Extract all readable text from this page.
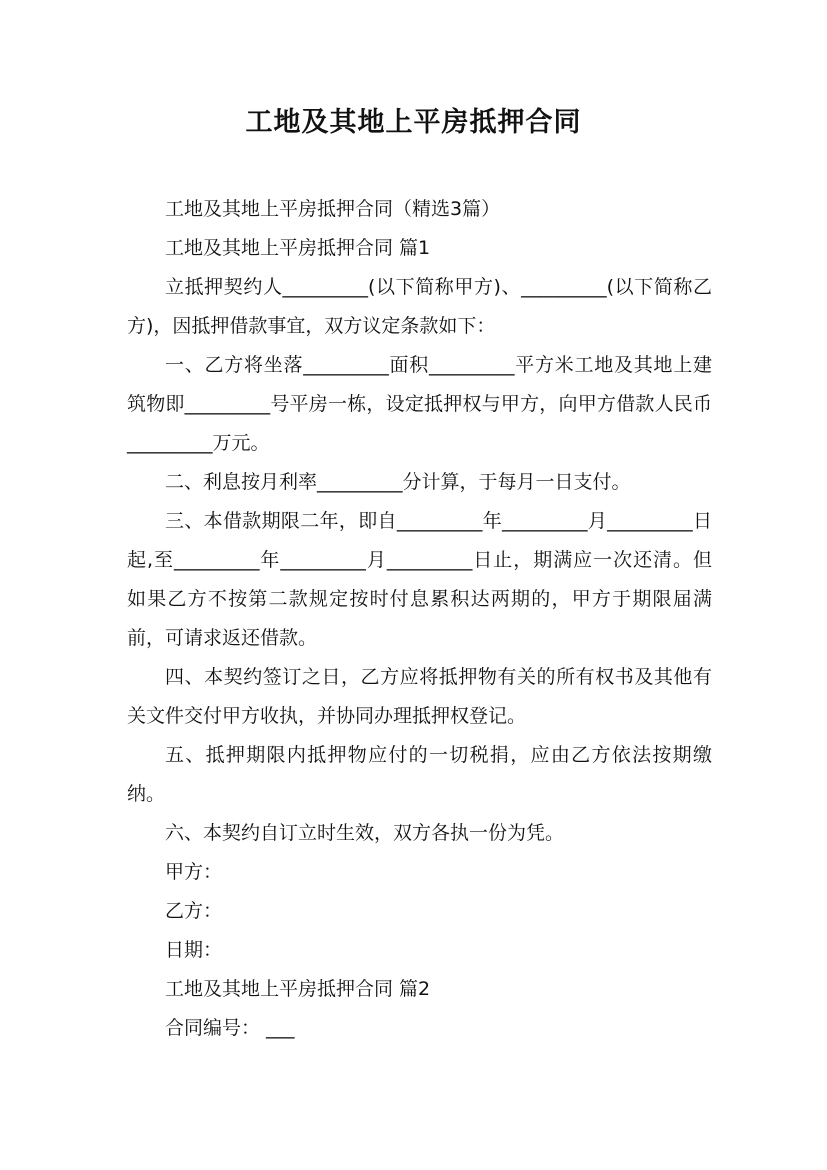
工地及其地上平房抵押合同

工地及其地上平房抵押合同（精选3篇）

工地及其地上平房抵押合同 篇1

立抵押契约人_________(以下简称甲方)、_________(以下简称乙方)，因抵押借款事宜，双方议定条款如下：

一、乙方将坐落_________面积_________平方米工地及其地上建筑物即_________号平房一栋，设定抵押权与甲方，向甲方借款人民币_________万元。

二、利息按月利率_________分计算，于每月一日支付。

三、本借款期限二年，即自_________年_________月_________日起,至_________年_________月_________日止，期满应一次还清。但如果乙方不按第二款规定按时付息累积达两期的，甲方于期限届满前，可请求返还借款。

四、本契约签订之日，乙方应将抵押物有关的所有权书及其他有关文件交付甲方收执，并协同办理抵押权登记。

五、抵押期限内抵押物应付的一切税捐，应由乙方依法按期缴纳。

六、本契约自订立时生效，双方各执一份为凭。

甲方：

乙方：

日期：

工地及其地上平房抵押合同 篇2

合同编号： ___
